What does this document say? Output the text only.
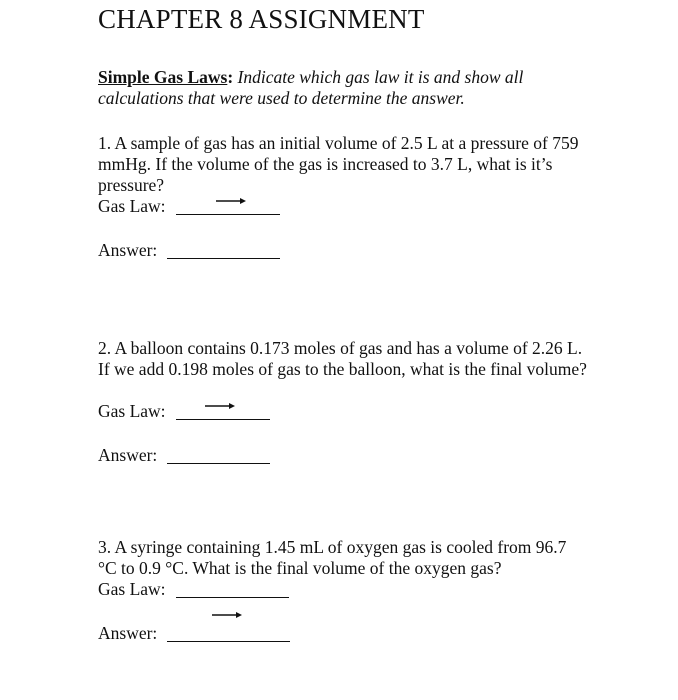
CHAPTER 8 ASSIGNMENT
Simple Gas Laws: Indicate which gas law it is and show all calculations that were used to determine the answer.
1. A sample of gas has an initial volume of 2.5 L at a pressure of 759 mmHg. If the volume of the gas is increased to 3.7 L, what is it’s pressure?
Gas Law:
Answer:
2. A balloon contains 0.173 moles of gas and has a volume of 2.26 L. If we add 0.198 moles of gas to the balloon, what is the final volume?
Gas Law:
Answer:
3. A syringe containing 1.45 mL of oxygen gas is cooled from 96.7 °C to 0.9 °C. What is the final volume of the oxygen gas?
Gas Law:
Answer:
